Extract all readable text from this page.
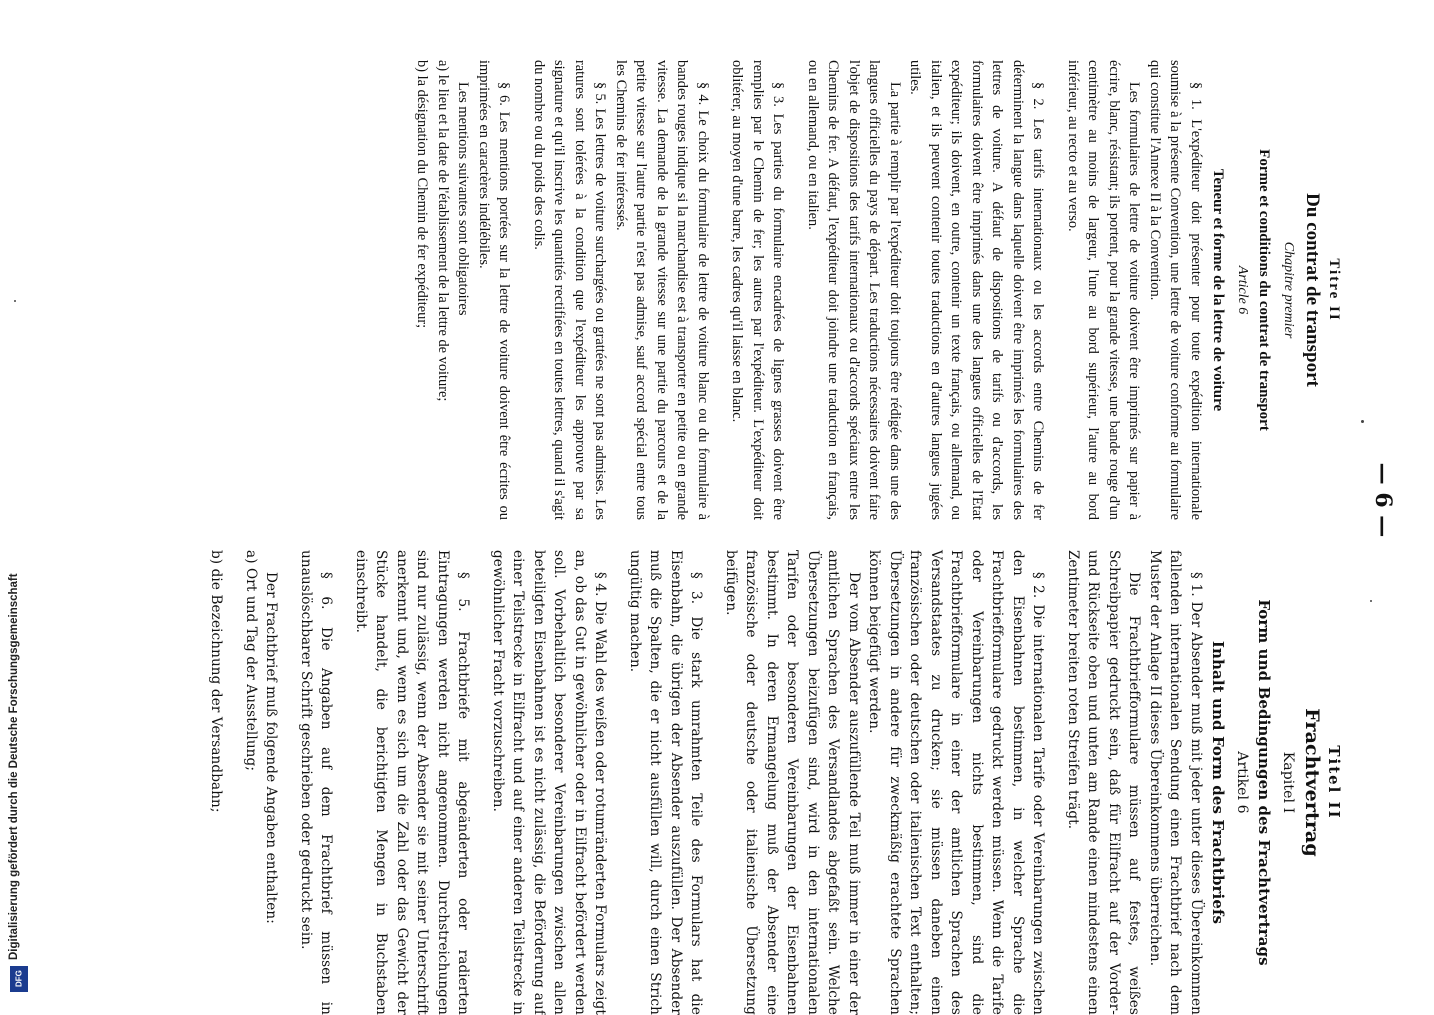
— 6 —
Titre II
Du contrat de transport
Chapitre premier
Forme et conditions du contrat de transport
Article 6
Teneur et forme de la lettre de voiture

§ 1. L'expéditeur doit présenter pour toute expédition internationale soumise à la présente Convention, une lettre de voiture conforme au formulaire qui constitue l'Annexe II à la Convention.

Les formulaires de lettre de voiture doivent être imprimés sur papier à écrire, blanc, résistant; ils portent, pour la grande vitesse, une bande rouge d'un centimètre au moins de largeur, l'une au bord supérieur, l'autre au bord inférieur, au recto et au verso.

§ 2. Les tarifs internationaux ou les accords entre Chemins de fer déterminent la langue dans laquelle doivent être imprimés les formulaires des lettres de voiture. A défaut de dispositions de tarifs ou d'accords, les formulaires doivent être imprimés dans une des langues officielles de l'Etat expéditeur; ils doivent, en outre, contenir un texte français, ou allemand, ou italien, et ils peuvent contenir toutes traductions en d'autres langues jugées utiles.

La partie à remplir par l'expéditeur doit toujours être rédigée dans une des langues officielles du pays de départ. Les traductions nécessaires doivent faire l'objet de dispositions des tarifs internationaux ou d'accords spéciaux entre les Chemins de fer. A défaut, l'expéditeur doit joindre une traduction en français, ou en allemand, ou en italien.

§ 3. Les parties du formulaire encadrées de lignes grasses doivent être remplies par le Chemin de fer; les autres par l'expéditeur. L'expéditeur doit oblitérer, au moyen d'une barre, les cadres qu'il laisse en blanc.

§ 4. Le choix du formulaire de lettre de voiture blanc ou du formulaire à bandes rouges indique si la marchandise est à transporter en petite ou en grande vitesse. La demande de la grande vitesse sur une partie du parcours et de la petite vitesse sur l'autre partie n'est pas admise, sauf accord spécial entre tous les Chemins de fer intéressés.

§ 5. Les lettres de voiture surchargées ou grattées ne sont pas admises. Les ratures sont tolérées à la condition que l'expéditeur les approuve par sa signature et qu'il inscrive les quantités rectifiées en toutes lettres, quand il s'agit du nombre ou du poids des colis.

§ 6. Les mentions portées sur la lettre de voiture doivent être écrites ou imprimées en caractères indélébiles.

Les mentions suivantes sont obligatoires

a) le lieu et la date de l'établissement de la lettre de voiture;

b) la désignation du Chemin de fer expéditeur;

Titel II
Frachtvertrag
Kapitel I
Form und Bedingungen des Frachtvertrags
Artikel 6
Inhalt und Form des Frachtbriefs

§ 1. Der Absender muß mit jeder unter dieses Übereinkommen fallenden internationalen Sendung einen Frachtbrief nach dem Muster der Anlage II dieses Übereinkommens überreichen.

Die Frachtbriefformulare müssen auf festes, weißes Schreibpapier gedruckt sein, daß für Eilfracht auf der Vorder- und Rückseite oben und unten am Rande einen mindestens einen Zentimeter breiten roten Streifen trägt.

§ 2. Die internationalen Tarife oder Vereinbarungen zwischen den Eisenbahnen bestimmen, in welcher Sprache die Frachtbriefformulare gedruckt werden müssen. Wenn die Tarife oder Vereinbarungen nichts bestimmen, sind die Frachtbriefformulare in einer der amtlichen Sprachen des Versandstaates zu drucken; sie müssen daneben einen französischen oder deutschen oder italienischen Text enthalten; Übersetzungen in andere für zweckmäßig erachtete Sprachen können beigefügt werden.

Der vom Absender auszufüllende Teil muß immer in einer der amtlichen Sprachen des Versandlandes abgefaßt sein. Welche Übersetzungen beizufügen sind, wird in den internationalen Tarifen oder besonderen Vereinbarungen der Eisenbahnen bestimmt. In deren Ermangelung muß der Absender eine französische oder deutsche oder italienische Übersetzung beifügen.

§ 3. Die stark umrahmten Teile des Formulars hat die Eisenbahn, die übrigen der Absender auszufüllen. Der Absender muß die Spalten, die er nicht ausfüllen will, durch einen Strich ungültig machen.

§ 4. Die Wahl des weißen oder rotumränderten Formulars zeigt an, ob das Gut in gewöhnlicher oder in Eilfracht befördert werden soll. Vorbehaltlich besonderer Vereinbarungen zwischen allen beteiligten Eisenbahnen ist es nicht zulässig, die Beförderung auf einer Teilstrecke in Eilfracht und auf einer anderen Teilstrecke in gewöhnlicher Fracht vorzuschreiben.

§ 5. Frachtbriefe mit abgeänderten oder radierten Eintragungen werden nicht angenommen. Durchstreichungen sind nur zulässig, wenn der Absender sie mit seiner Unterschrift anerkennt und, wenn es sich um die Zahl oder das Gewicht der Stücke handelt, die berichtigten Mengen in Buchstaben einschreibt.

§ 6. Die Angaben auf dem Frachtbrief müssen in unauslöschbarer Schrift geschrieben oder gedruckt sein.

Der Frachtbrief muß folgende Angaben enthalten:

a) Ort und Tag der Ausstellung;

b) die Bezeichnung der Versandbahn;

Digitalisierung gefördert durch die Deutsche Forschungsgemeinschaft
DFG
